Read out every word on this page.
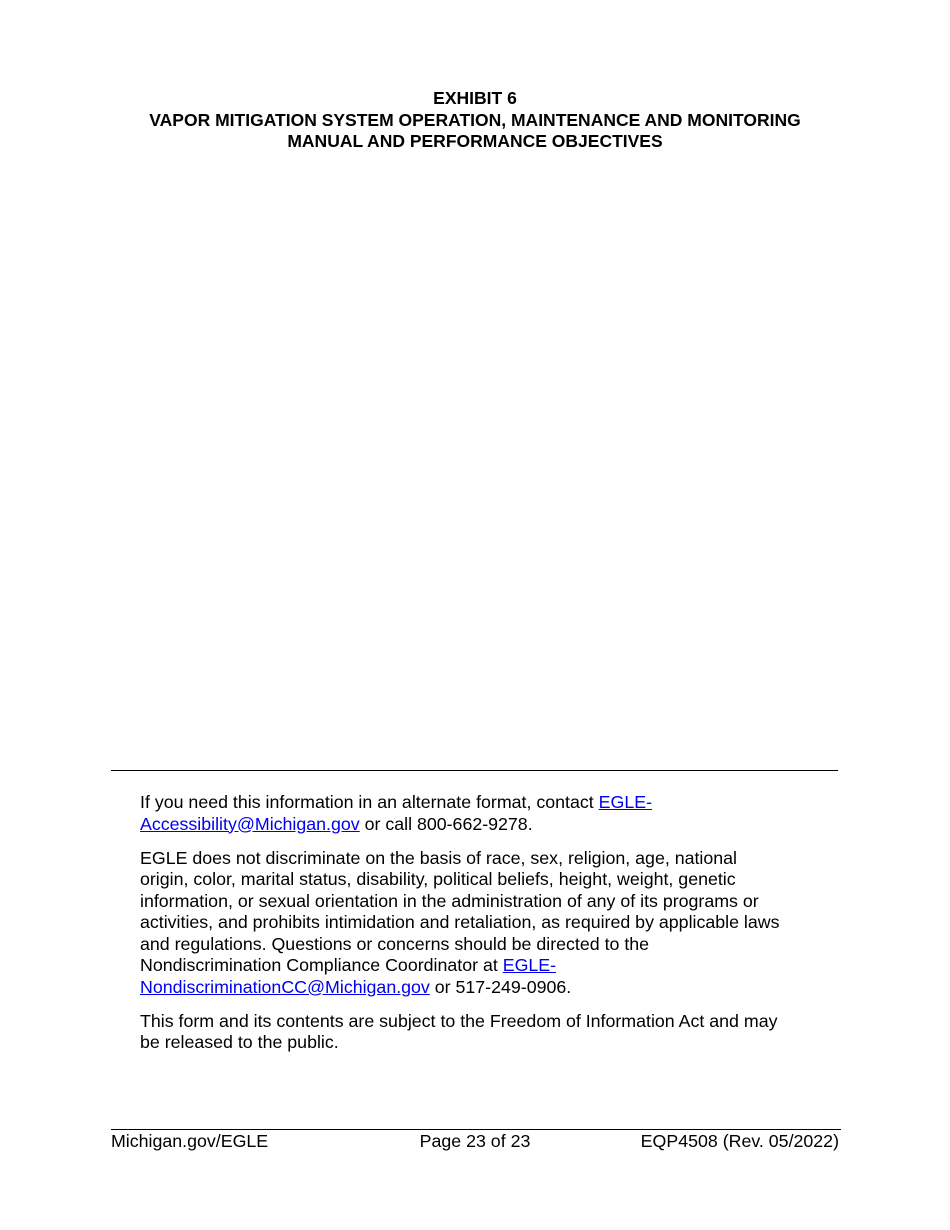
EXHIBIT 6
VAPOR MITIGATION SYSTEM OPERATION, MAINTENANCE AND MONITORING
MANUAL AND PERFORMANCE OBJECTIVES

If you need this information in an alternate format, contact EGLE-
Accessibility@Michigan.gov or call 800-662-9278.

EGLE does not discriminate on the basis of race, sex, religion, age, national
origin, color, marital status, disability, political beliefs, height, weight, genetic
information, or sexual orientation in the administration of any of its programs or
activities, and prohibits intimidation and retaliation, as required by applicable laws
and regulations. Questions or concerns should be directed to the
Nondiscrimination Compliance Coordinator at EGLE-
NondiscriminationCC@Michigan.gov or 517-249-0906.

This form and its contents are subject to the Freedom of Information Act and may
be released to the public.

Michigan.gov/EGLE	Page 23 of 23	EQP4508 (Rev. 05/2022)
